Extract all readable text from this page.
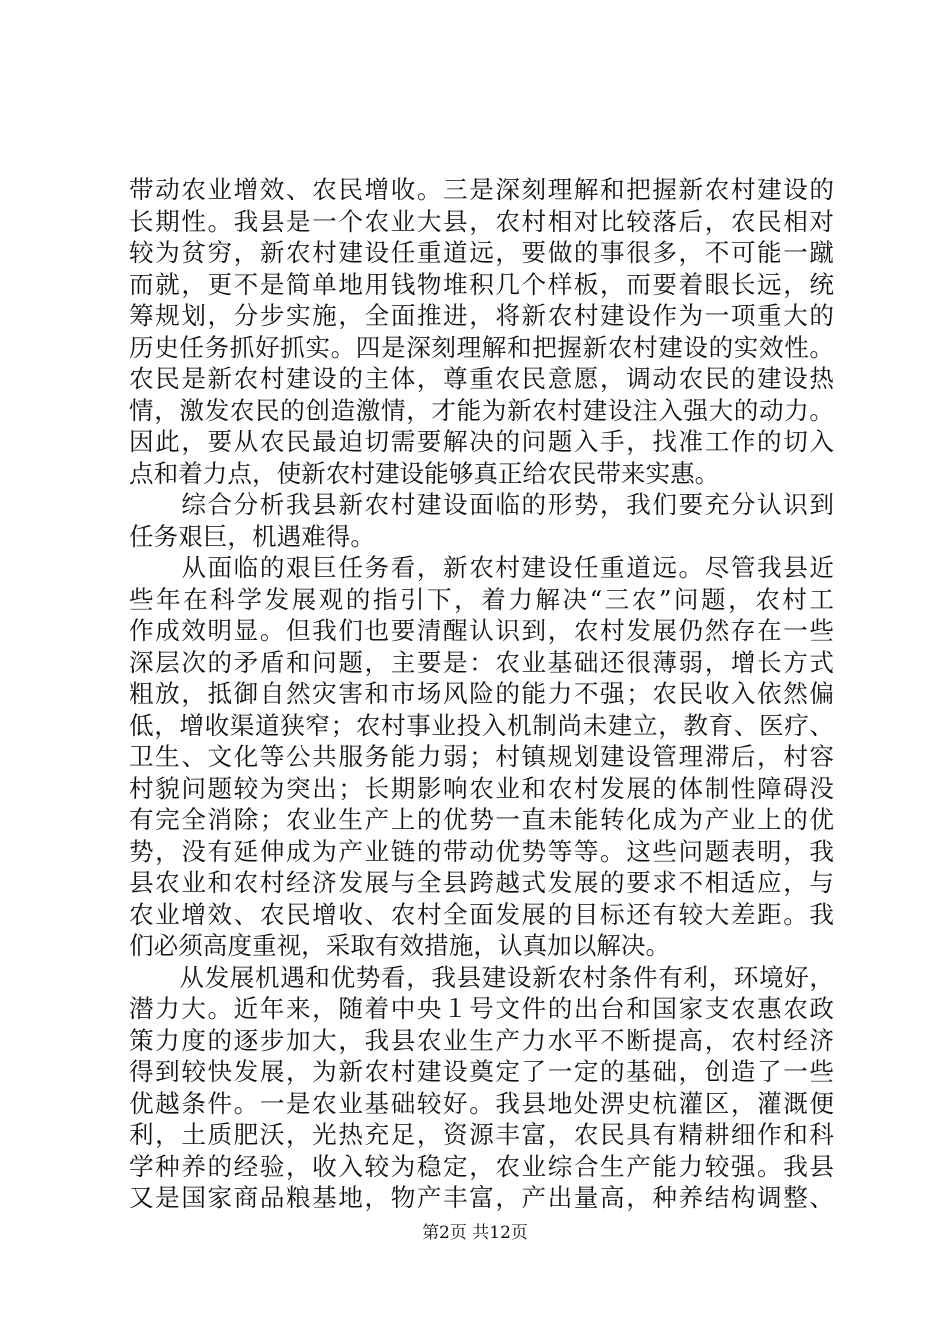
带动农业增效、农民增收。三是深刻理解和把握新农村建设的
长期性。我县是一个农业大县，农村相对比较落后，农民相对
较为贫穷，新农村建设任重道远，要做的事很多，不可能一蹴
而就，更不是简单地用钱物堆积几个样板，而要着眼长远，统
筹规划，分步实施，全面推进，将新农村建设作为一项重大的
历史任务抓好抓实。四是深刻理解和把握新农村建设的实效性。
农民是新农村建设的主体，尊重农民意愿，调动农民的建设热
情，激发农民的创造激情，才能为新农村建设注入强大的动力。
因此，要从农民最迫切需要解决的问题入手，找准工作的切入
点和着力点，使新农村建设能够真正给农民带来实惠。
　　综合分析我县新农村建设面临的形势，我们要充分认识到
任务艰巨，机遇难得。
　　从面临的艰巨任务看，新农村建设任重道远。尽管我县近
些年在科学发展观的指引下，着力解决“三农”问题，农村工
作成效明显。但我们也要清醒认识到，农村发展仍然存在一些
深层次的矛盾和问题，主要是：农业基础还很薄弱，增长方式
粗放，抵御自然灾害和市场风险的能力不强；农民收入依然偏
低，增收渠道狭窄；农村事业投入机制尚未建立，教育、医疗、
卫生、文化等公共服务能力弱；村镇规划建设管理滞后，村容
村貌问题较为突出；长期影响农业和农村发展的体制性障碍没
有完全消除；农业生产上的优势一直未能转化成为产业上的优
势，没有延伸成为产业链的带动优势等等。这些问题表明，我
县农业和农村经济发展与全县跨越式发展的要求不相适应，与
农业增效、农民增收、农村全面发展的目标还有较大差距。我
们必须高度重视，采取有效措施，认真加以解决。
　　从发展机遇和优势看，我县建设新农村条件有利，环境好，
潜力大。近年来，随着中央１号文件的出台和国家支农惠农政
策力度的逐步加大，我县农业生产力水平不断提高，农村经济
得到较快发展，为新农村建设奠定了一定的基础，创造了一些
优越条件。一是农业基础较好。我县地处淠史杭灌区，灌溉便
利，土质肥沃，光热充足，资源丰富，农民具有精耕细作和科
学种养的经验，收入较为稳定，农业综合生产能力较强。我县
又是国家商品粮基地，物产丰富，产出量高，种养结构调整、
第2页 共12页
